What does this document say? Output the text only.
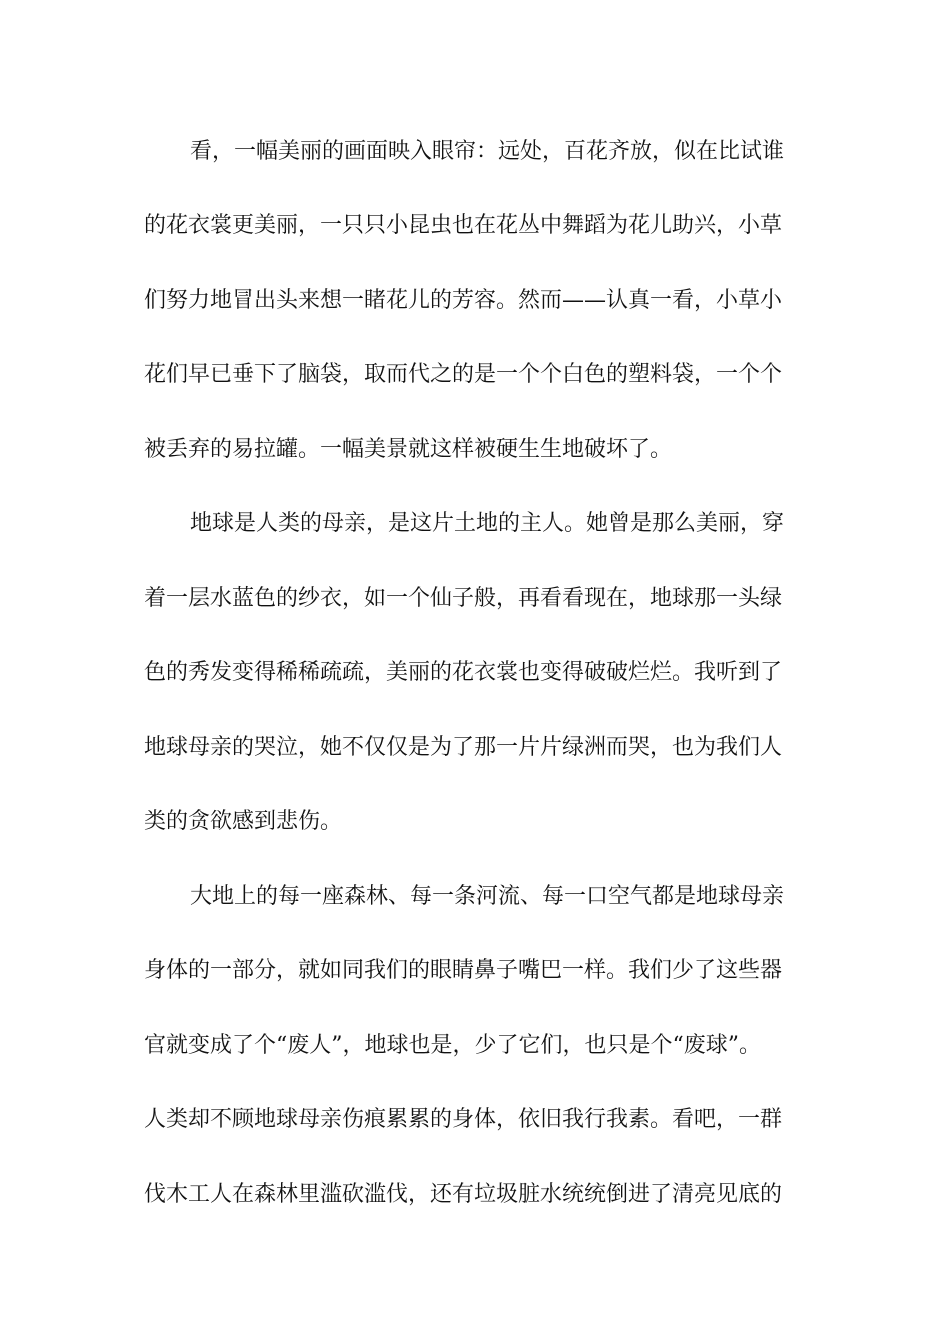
看，一幅美丽的画面映入眼帘：远处，百花齐放，似在比试谁
的花衣裳更美丽，一只只小昆虫也在花丛中舞蹈为花儿助兴，小草
们努力地冒出头来想一睹花儿的芳容。然而——认真一看，小草小
花们早已垂下了脑袋，取而代之的是一个个白色的塑料袋，一个个
被丢弃的易拉罐。一幅美景就这样被硬生生地破坏了。
地球是人类的母亲，是这片土地的主人。她曾是那么美丽，穿
着一层水蓝色的纱衣，如一个仙子般，再看看现在，地球那一头绿
色的秀发变得稀稀疏疏，美丽的花衣裳也变得破破烂烂。我听到了
地球母亲的哭泣，她不仅仅是为了那一片片绿洲而哭，也为我们人
类的贪欲感到悲伤。
大地上的每一座森林、每一条河流、每一口空气都是地球母亲
身体的一部分，就如同我们的眼睛鼻子嘴巴一样。我们少了这些器
官就变成了个“废人”，地球也是，少了它们，也只是个“废球”。
人类却不顾地球母亲伤痕累累的身体，依旧我行我素。看吧，一群
伐木工人在森林里滥砍滥伐，还有垃圾脏水统统倒进了清亮见底的
